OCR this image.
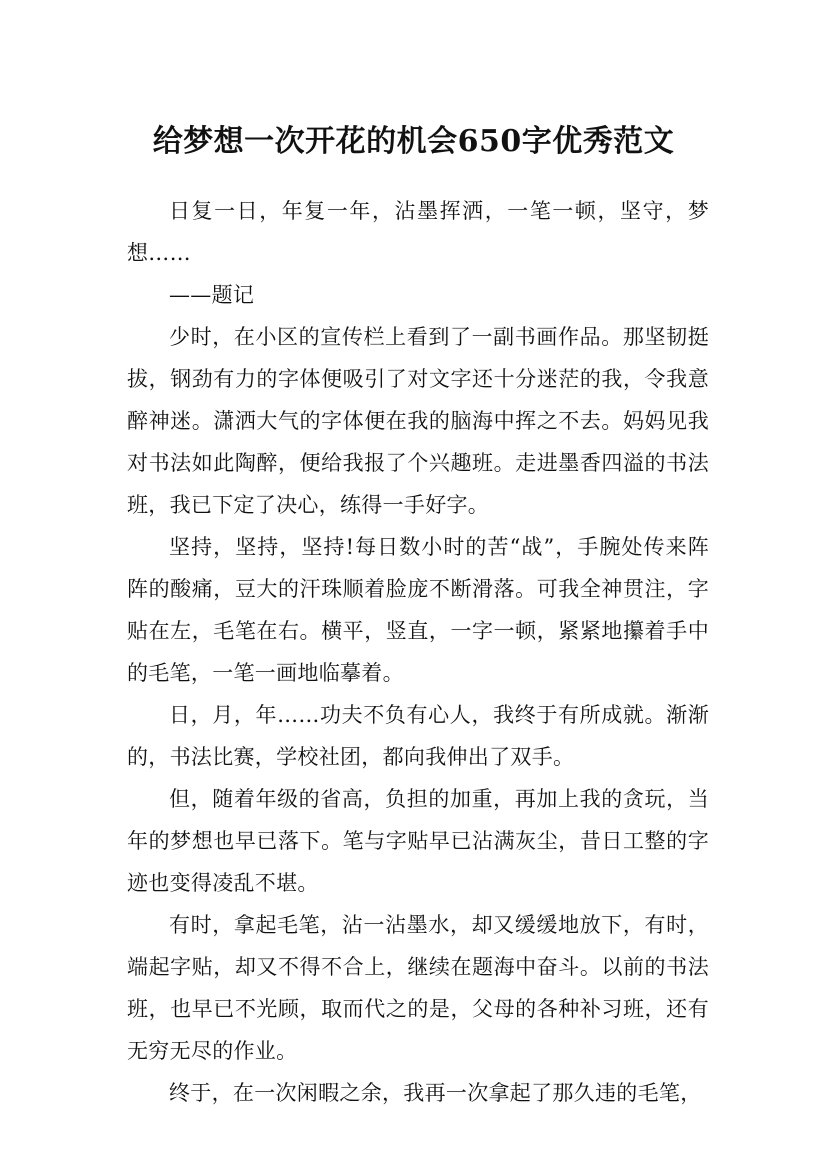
给梦想一次开花的机会650字优秀范文

日复一日，年复一年，沾墨挥洒，一笔一顿，坚守，梦想……

——题记

少时，在小区的宣传栏上看到了一副书画作品。那坚韧挺拔，钢劲有力的字体便吸引了对文字还十分迷茫的我，令我意醉神迷。潇洒大气的字体便在我的脑海中挥之不去。妈妈见我对书法如此陶醉，便给我报了个兴趣班。走进墨香四溢的书法班，我已下定了决心，练得一手好字。

坚持，坚持，坚持!每日数小时的苦“战”，手腕处传来阵阵的酸痛，豆大的汗珠顺着脸庞不断滑落。可我全神贯注，字贴在左，毛笔在右。横平，竖直，一字一顿，紧紧地攥着手中的毛笔，一笔一画地临摹着。

日，月，年……功夫不负有心人，我终于有所成就。渐渐的，书法比赛，学校社团，都向我伸出了双手。

但，随着年级的省高，负担的加重，再加上我的贪玩，当年的梦想也早已落下。笔与字贴早已沾满灰尘，昔日工整的字迹也变得凌乱不堪。

有时，拿起毛笔，沾一沾墨水，却又缓缓地放下，有时，端起字贴，却又不得不合上，继续在题海中奋斗。以前的书法班，也早已不光顾，取而代之的是，父母的各种补习班，还有无穷无尽的作业。

终于，在一次闲暇之余，我再一次拿起了那久违的毛笔，
